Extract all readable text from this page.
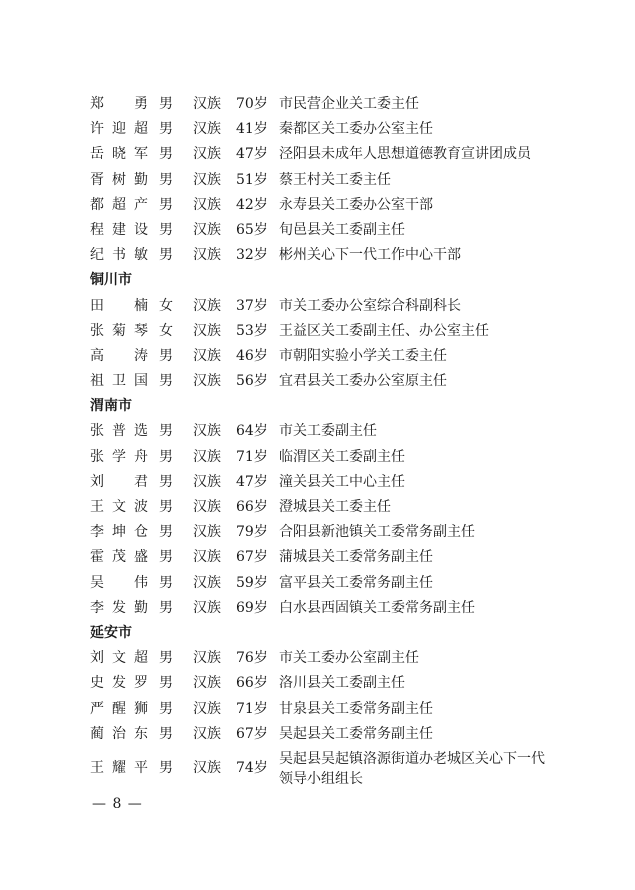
郑　勇 男 汉族 70岁 市民营企业关工委主任
许迎超 男 汉族 41岁 秦都区关工委办公室主任
岳晓军 男 汉族 47岁 泾阳县未成年人思想道德教育宣讲团成员
胥树勤 男 汉族 51岁 蔡王村关工委主任
都超产 男 汉族 42岁 永寿县关工委办公室干部
程建设 男 汉族 65岁 旬邑县关工委副主任
纪书敏 男 汉族 32岁 彬州关心下一代工作中心干部
铜川市
田　楠 女 汉族 37岁 市关工委办公室综合科副科长
张菊琴 女 汉族 53岁 王益区关工委副主任、办公室主任
高　涛 男 汉族 46岁 市朝阳实验小学关工委主任
祖卫国 男 汉族 56岁 宜君县关工委办公室原主任
渭南市
张普选 男 汉族 64岁 市关工委副主任
张学舟 男 汉族 71岁 临渭区关工委副主任
刘　君 男 汉族 47岁 潼关县关工中心主任
王文波 男 汉族 66岁 澄城县关工委主任
李坤仓 男 汉族 79岁 合阳县新池镇关工委常务副主任
霍茂盛 男 汉族 67岁 蒲城县关工委常务副主任
吴　伟 男 汉族 59岁 富平县关工委常务副主任
李发勤 男 汉族 69岁 白水县西固镇关工委常务副主任
延安市
刘文超 男 汉族 76岁 市关工委办公室副主任
史发罗 男 汉族 66岁 洛川县关工委副主任
严醒狮 男 汉族 71岁 甘泉县关工委常务副主任
蔺治东 男 汉族 67岁 吴起县关工委常务副主任
王耀平 男 汉族 74岁
吴起县吴起镇洛源街道办老城区关心下一代领导小组组长
— 8 —
